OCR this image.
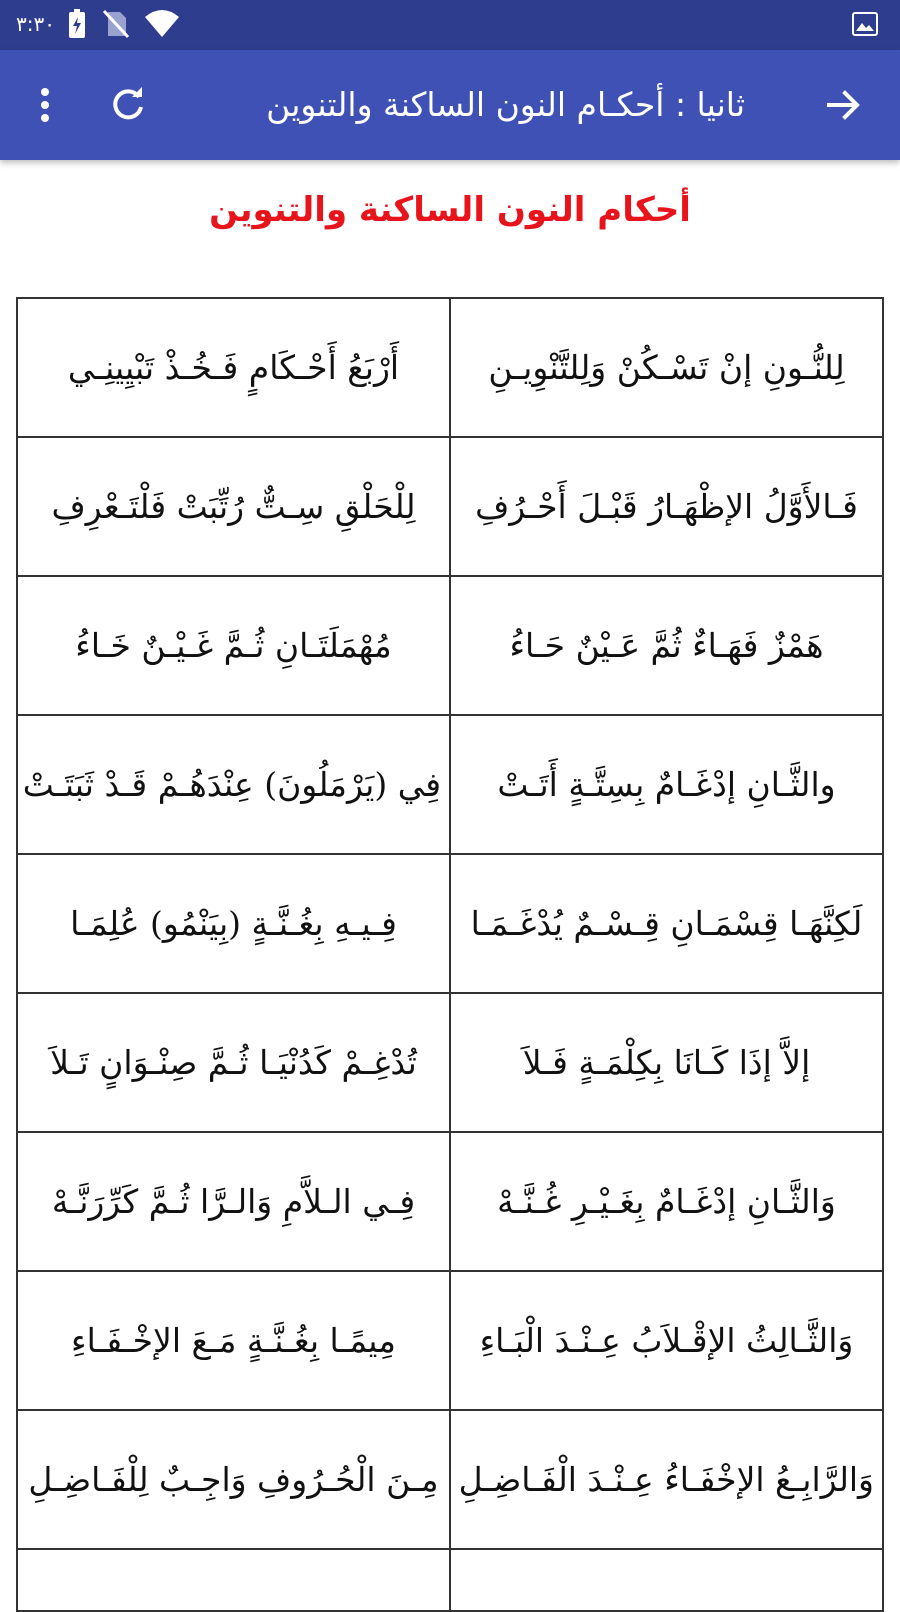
٣:٣٠
ثانيا : أحكـام النون الساكنة والتنوين
أحكام النون الساكنة والتنوين
أَرْبَعُ أَحْـكَامٍ فَـخُـذْ تَبْيِينِـي	لِلنُّـونِ إنْ تَسْـكُنْ وَلِلتَّنْوِيـنِ
لِلْحَلْقِ سِـتٌّ رُتِّبَتْ فَلْتَـعْرِفِ	فَـالأَوَّلُ الإظْهَـارُ قَبْـلَ أَحْـرُفِ
مُهْمَلَتَـانِ ثُـمَّ غَـيْـنٌ خَـاءُ	هَمْزٌ فَهَـاءٌ ثُمَّ عَـيْنٌ حَـاءُ
فِي (يَرْمَلُونَ) عِنْدَهُـمْ قَـدْ ثَبَتَـتْ	والثَّـانِ إدْغَـامٌ بِسِتَّـةٍ أَتَـتْ
فِـيـهِ بِغُـنَّـةٍ (بِيَنْمُو) عُلِمَـا	لَكِنَّهَـا قِسْمَـانِ قِـسْـمٌ يُدْغَـمَـا
تُدْغِـمْ كَدُنْيَـا ثُـمَّ صِنْـوَانٍ تَـلاَ	إلاَّ إذَا كَـانَا بِكِلْمَـةٍ فَـلاَ
فِـي الـلاَّمِ وَالـرَّا ثُـمَّ كَرِّرَنَّـهْ	وَالثَّـانِ إدْغَـامٌ بِغَـيْـرِ غُـنَّـهْ
مِيمًـا بِغُـنَّـةٍ مَـعَ الإخْـفَـاءِ	وَالثَّـالِثُ الإقْـلاَبُ عِـنْـدَ الْبَـاءِ
مِـنَ الْحُـرُوفِ وَاجِـبٌ لِلْفَـاضِـلِ	وَالرَّابِـعُ الإخْفَـاءُ عِـنْـدَ الْفَـاضِـلِ
